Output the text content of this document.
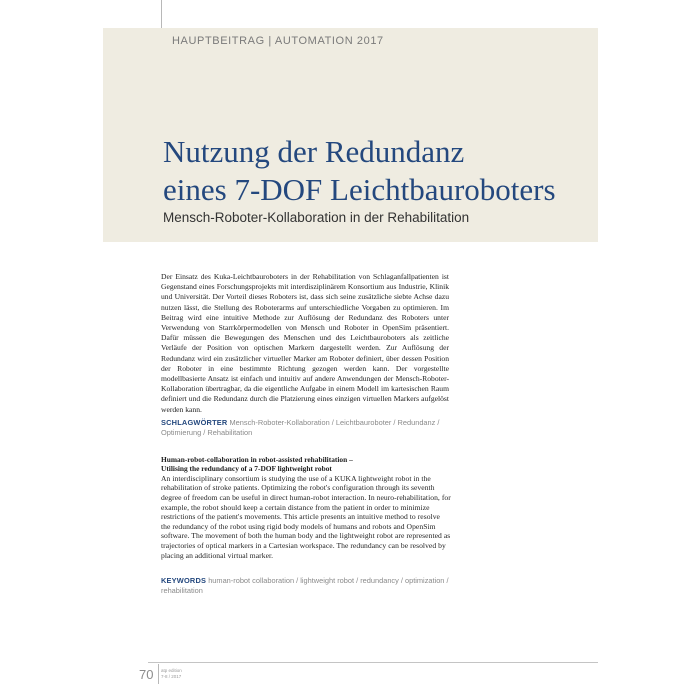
HAUPTBEITRAG | AUTOMATION 2017
Nutzung der Redundanz
eines 7-DOF Leichtbauroboters
Mensch-Roboter-Kollaboration in der Rehabilitation

Der Einsatz des Kuka-Leichtbauroboters in der Rehabilitation von Schlaganfallpatienten ist Gegenstand eines Forschungsprojekts mit interdisziplinärem Konsortium aus Industrie, Klinik und Universität. Der Vorteil dieses Roboters ist, dass sich seine zusätzliche siebte Achse dazu nutzen lässt, die Stellung des Roboterarms auf unterschiedliche Vorgaben zu optimieren. Im Beitrag wird eine intuitive Methode zur Auflösung der Redundanz des Roboters unter Verwendung von Starrkörpermodellen von Mensch und Roboter in OpenSim präsentiert. Dafür müssen die Bewegungen des Menschen und des Leichtbauroboters als zeitliche Verläufe der Position von optischen Markern dargestellt werden. Zur Auflösung der Redundanz wird ein zusätzlicher virtueller Marker am Roboter definiert, über dessen Position der Roboter in eine bestimmte Richtung gezogen werden kann. Der vorgestellte modellbasierte Ansatz ist einfach und intuitiv auf andere Anwendungen der Mensch-Roboter-Kollaboration übertragbar, da die eigentliche Aufgabe in einem Modell im kartesischen Raum definiert und die Redundanz durch die Platzierung eines einzigen virtuellen Markers aufgelöst werden kann.

SCHLAGWÖRTER Mensch-Roboter-Kollaboration / Leichtbauroboter / Redundanz / Optimierung / Rehabilitation

Human-robot-collaboration in robot-assisted rehabilitation –
Utilising the redundancy of a 7-DOF lightweight robot

An interdisciplinary consortium is studying the use of a KUKA lightweight robot in the rehabilitation of stroke patients. Optimizing the robot's configuration through its seventh degree of freedom can be useful in direct human-robot interaction. In neuro-rehabilitation, for example, the robot should keep a certain distance from the patient in order to minimize restrictions of the patient's movements. This article presents an intuitive method to resolve the redundancy of the robot using rigid body models of humans and robots and OpenSim software. The movement of both the human body and the lightweight robot are represented as trajectories of optical markers in a Cartesian workspace. The redundancy can be resolved by placing an additional virtual marker.

KEYWORDS human-robot collaboration / lightweight robot / redundancy / optimization / rehabilitation

70 atp edition
7-8 / 2017
